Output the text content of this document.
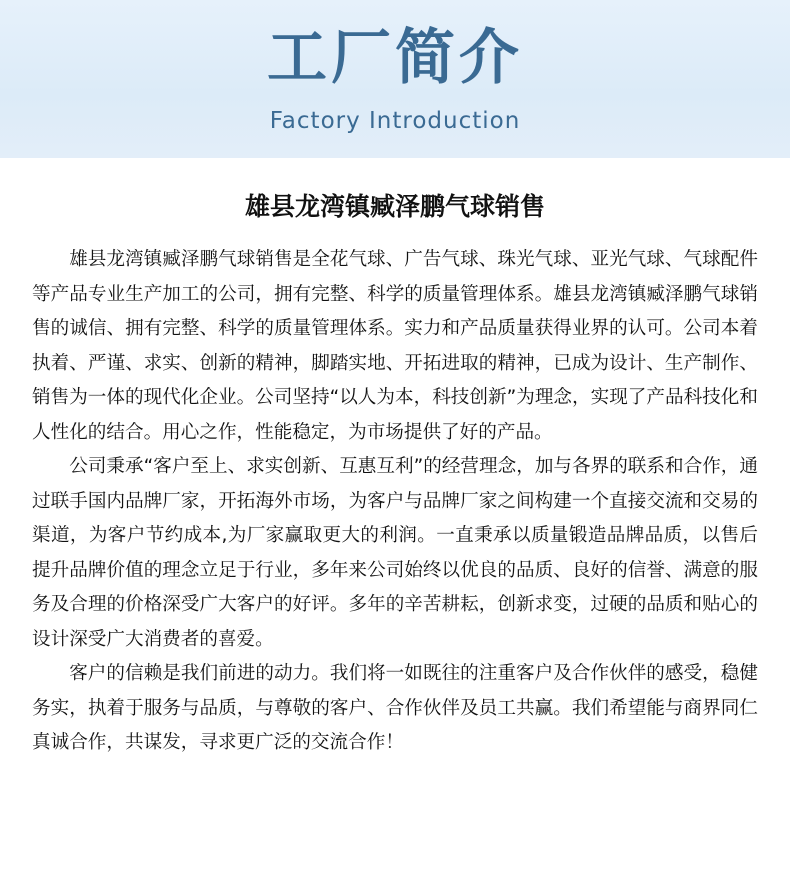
工厂简介
Factory Introduction
雄县龙湾镇臧泽鹏气球销售

雄县龙湾镇臧泽鹏气球销售是全花气球、广告气球、珠光气球、亚光气球、气球配件等产品专业生产加工的公司，拥有完整、科学的质量管理体系。雄县龙湾镇臧泽鹏气球销售的诚信、拥有完整、科学的质量管理体系。实力和产品质量获得业界的认可。公司本着执着、严谨、求实、创新的精神，脚踏实地、开拓进取的精神，已成为设计、生产制作、销售为一体的现代化企业。公司坚持“以人为本，科技创新”为理念，实现了产品科技化和人性化的结合。用心之作，性能稳定，为市场提供了好的产品。

公司秉承“客户至上、求实创新、互惠互利”的经营理念，加与各界的联系和合作，通过联手国内品牌厂家，开拓海外市场，为客户与品牌厂家之间构建一个直接交流和交易的渠道，为客户节约成本,为厂家赢取更大的利润。一直秉承以质量锻造品牌品质，以售后提升品牌价值的理念立足于行业，多年来公司始终以优良的品质、良好的信誉、满意的服务及合理的价格深受广大客户的好评。多年的辛苦耕耘，创新求变，过硬的品质和贴心的设计深受广大消费者的喜爱。

客户的信赖是我们前进的动力。我们将一如既往的注重客户及合作伙伴的感受，稳健务实，执着于服务与品质，与尊敬的客户、合作伙伴及员工共赢。我们希望能与商界同仁真诚合作，共谋发，寻求更广泛的交流合作！
